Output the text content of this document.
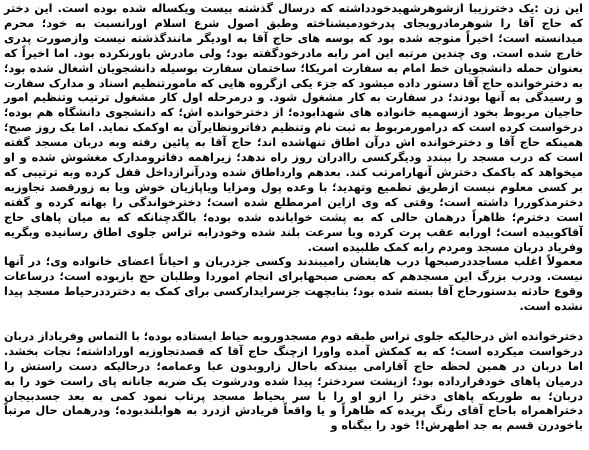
این زن :یک دخترزیبا ازشوهرشهیدخودداشته که درسال گذشته بیست ویکساله شده بوده است. این دختر که حاج آقا را شوهرمادروبجای پدرخودمیشناخته وطبق اصول شرع اسلام اورانسبت به خود؛ محرم میدانسته است؛ اخیراً متوجه شده بود که بوسه های حاج آقا به اودیگر مانندگذشته نیست وازصورت پدری خارج شده است. وی چندین مرتبه این امر رابه مادرخودگفته بود؛ ولی مادرش باورنکرده بود. اما اخیراً که بعنوان حمله دانشجویان خط امام به سفارت امریکا؛ ساختمان سفارت بوسیله دانشجویان اشغال شده بود؛ به دخترخوانده حاج آقا دستور داده میشود که جزء یکی ازگروه هایی که مامورتنظیم اسناد و مدارک سفارت و رسیدگی به آنها بودند؛ در سفارت به کار مشغول شود. و درمرحله اول کار مشغول ترتیب وتنظیم امور حاجیان مربوط بخود ازسهمیه خانواده های شهدابوده؛ از دخترخوانده اش؛ که دانشجوی دانشگاه هم بوده؛ درخواست کرده است که درامورمربوط به ثبت نام وتنظیم دفاترونظایرآن به اوکمک نماید. اما یک روز صبح؛ همینکه حاج آقا و دخترخوانده اش درآن اطاق تنهاشده اند؛ حاج آقا به پائین رفته وبه دربان مسجد گفته است که درب مسجد را ببندد ودیگرکسی راادران روز راه ندهد؛ زیراهمه دفاترومدارک مغشوش شده و او میخواهد که باکمک دخترش آنهارامرتب کند. بعدهم وارداطاق شده ودرآنرازداخل قفل کرده وبه ترتیبی که بر کسی معلوم نیست ازطریق تطمیع وتهدید؛ با وعده پول ومزایا ویاپازیان خوش ویا به زورقصد تجاوزبه دخترمذکوررا داشته است؛ وقتی که وی ازاین امرمطلع شده است؛ دخترخواندگی را بهانه کرده و گفته است دخترم؛ ظاهراً درهمان حالی که به پشت خوابانده شده بوده؛ بالگدچنانکه که به میان پاهای حاج آقاکوبیده است؛ اورابه عقب پرت کرده وبا سرعت بلند شده وخودرابه تراس جلوی اطاق رسانیده وبگریه وفریاد دربان مسجد ومردم رابه کمک طلبیده است.

معمولاً اغلب مساجددرصبحها درب هایشان رامیبندند وکسی جزدربان و احیاناً اعضای خانواده وی؛ در آنها نیست. ودرب بزرگ این مسجدهم که بعضی صبحهابرای انجام اموردا وطلبان حج بازبوده است؛ درساعات وقوع حادثه بدستورحاج آقا بسته شده بود؛ بنابچهت جزسرایدارکسی برای کمک به دخترددرحیاط مسجد پیدا نشده است.

دخترخوانده اش درحالیکه جلوی تراس طبقه دوم مسجدوروبه حیاط ایستاده بوده؛ با التماس وفریاداز دربان درخواست میکرده است؛ که به کمکش آمده واورا ازچنگ حاج آقا که قصدتجاوزبه اوراداشته؛ نجات بخشد. اما دربان در همین لحظه حاج آقارامی بیندکه باحال زاروبدون عبا وعمامه؛ درحالیکه دست راستش را درمیان پاهای خودقرارداده بود؛ ازپشت سردختر؛ پیدا شده ودرشوت یک ضربه جانانه پای راست خود را به دربان؛ به طوریکه پاهای دختر را ازو او را با سر بحیاط مسجد پرتاب نمود کمی به بعد جسدبیجان دختراهمراه باحاج آقای رنگ پریده که ظاهراً و یا واقعاً فریادش ازدرد به هوابلندبوده؛ ودرهمان حال مرتباً باخودرن قسم به جد اطهرش!! خود را بیگناه و
